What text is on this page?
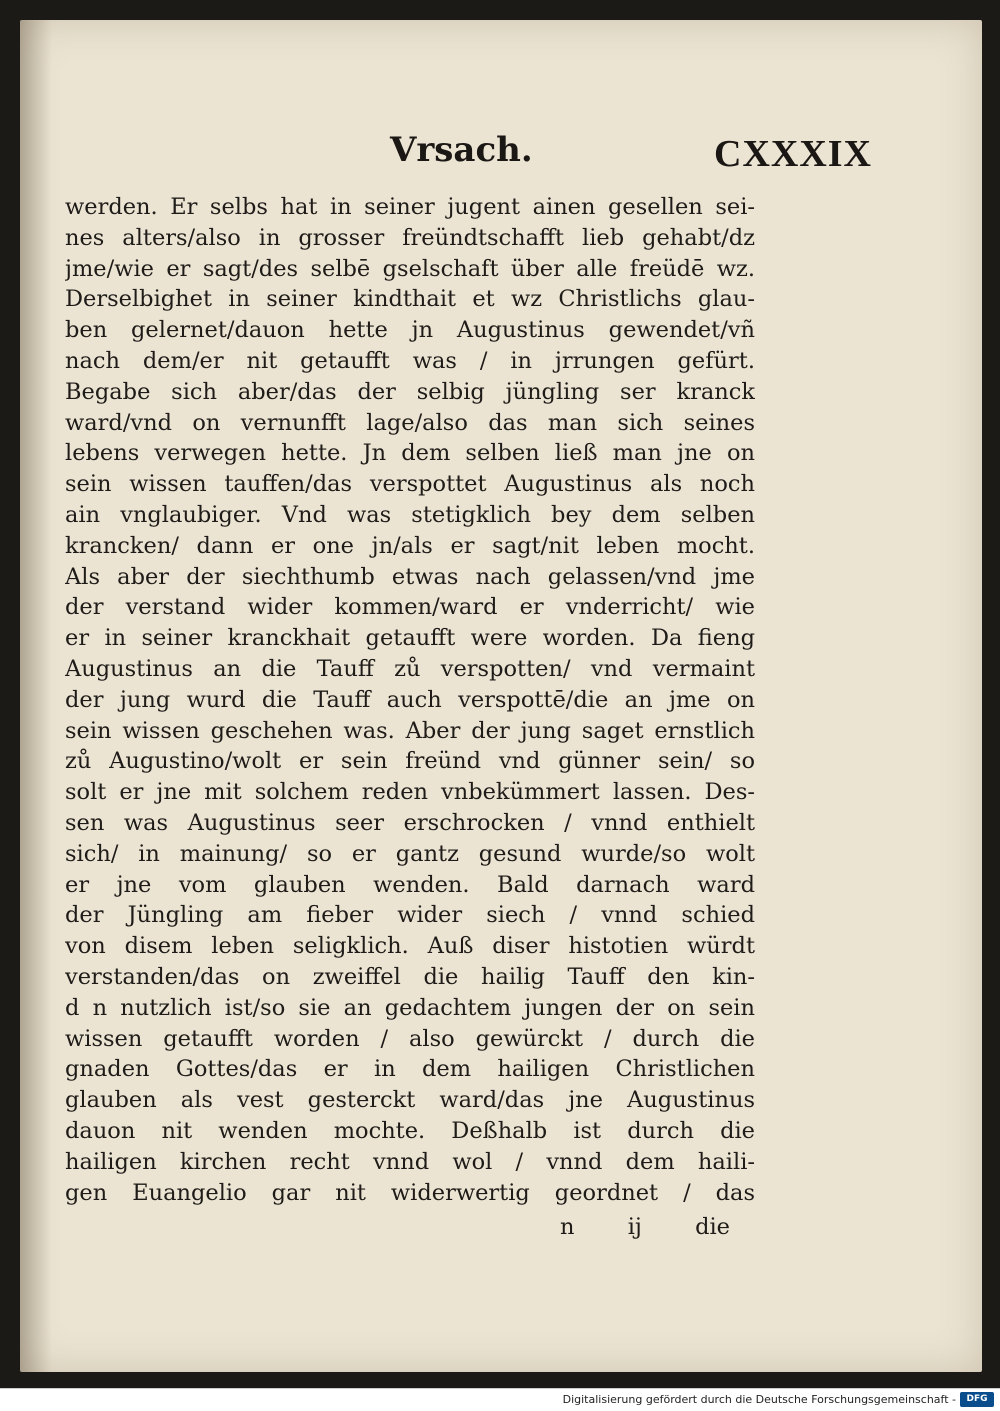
Vrsach.	CXXXIX
werden. Er selbs hat in seiner jugent ainen gesellen sei-
nes alters/also in grosser freündtschafft lieb gehabt/dz
jme/wie er sagt/des selbē gselschaft über alle freüdē wz.
Derselbighet in seiner kindthait et wz Christlichs glau-
ben gelernet/dauon hette jn Augustinus gewendet/vñ
nach dem/er nit getaufft was / in jrrungen gefürt.
Begabe sich aber/das der selbig jüngling ser kranck
ward/vnd on vernunfft lage/also das man sich seines
lebens verwegen hette. Jn dem selben ließ man jne on
sein wissen tauffen/das verspottet Augustinus als noch
ain vnglaubiger. Vnd was stetigklich bey dem selben
krancken/ dann er one jn/als er sagt/nit leben mocht.
Als aber der siechthumb etwas nach gelassen/vnd jme
der verstand wider kommen/ward er vnderricht/ wie
er in seiner kranckhait getaufft were worden. Da fieng
Augustinus an die Tauff zů verspotten/ vnd vermaint
der jung wurd die Tauff auch verspottē/die an jme on
sein wissen geschehen was. Aber der jung saget ernstlich
zů Augustino/wolt er sein freünd vnd günner sein/ so
solt er jne mit solchem reden vnbekümmert lassen. Des-
sen was Augustinus seer erschrocken / vnnd enthielt
sich/ in mainung/ so er gantz gesund wurde/so wolt
er jne vom glauben wenden. Bald darnach ward
der Jüngling am fieber wider siech / vnnd schied
von disem leben seligklich. Auß diser histotien würdt
verstanden/das on zweiffel die hailig Tauff den kin-
d n nutzlich ist/so sie an gedachtem jungen der on sein
wissen getaufft worden / also gewürckt / durch die
gnaden Gottes/das er in dem hailigen Christlichen
glauben als vest gesterckt ward/das jne Augustinus
dauon nit wenden mochte. Deßhalb ist durch die
hailigen kirchen recht vnnd wol / vnnd dem haili-
gen Euangelio gar nit widerwertig geordnet / das
n ij die
Digitalisierung gefördert durch die Deutsche Forschungsgemeinschaft -	DFG
